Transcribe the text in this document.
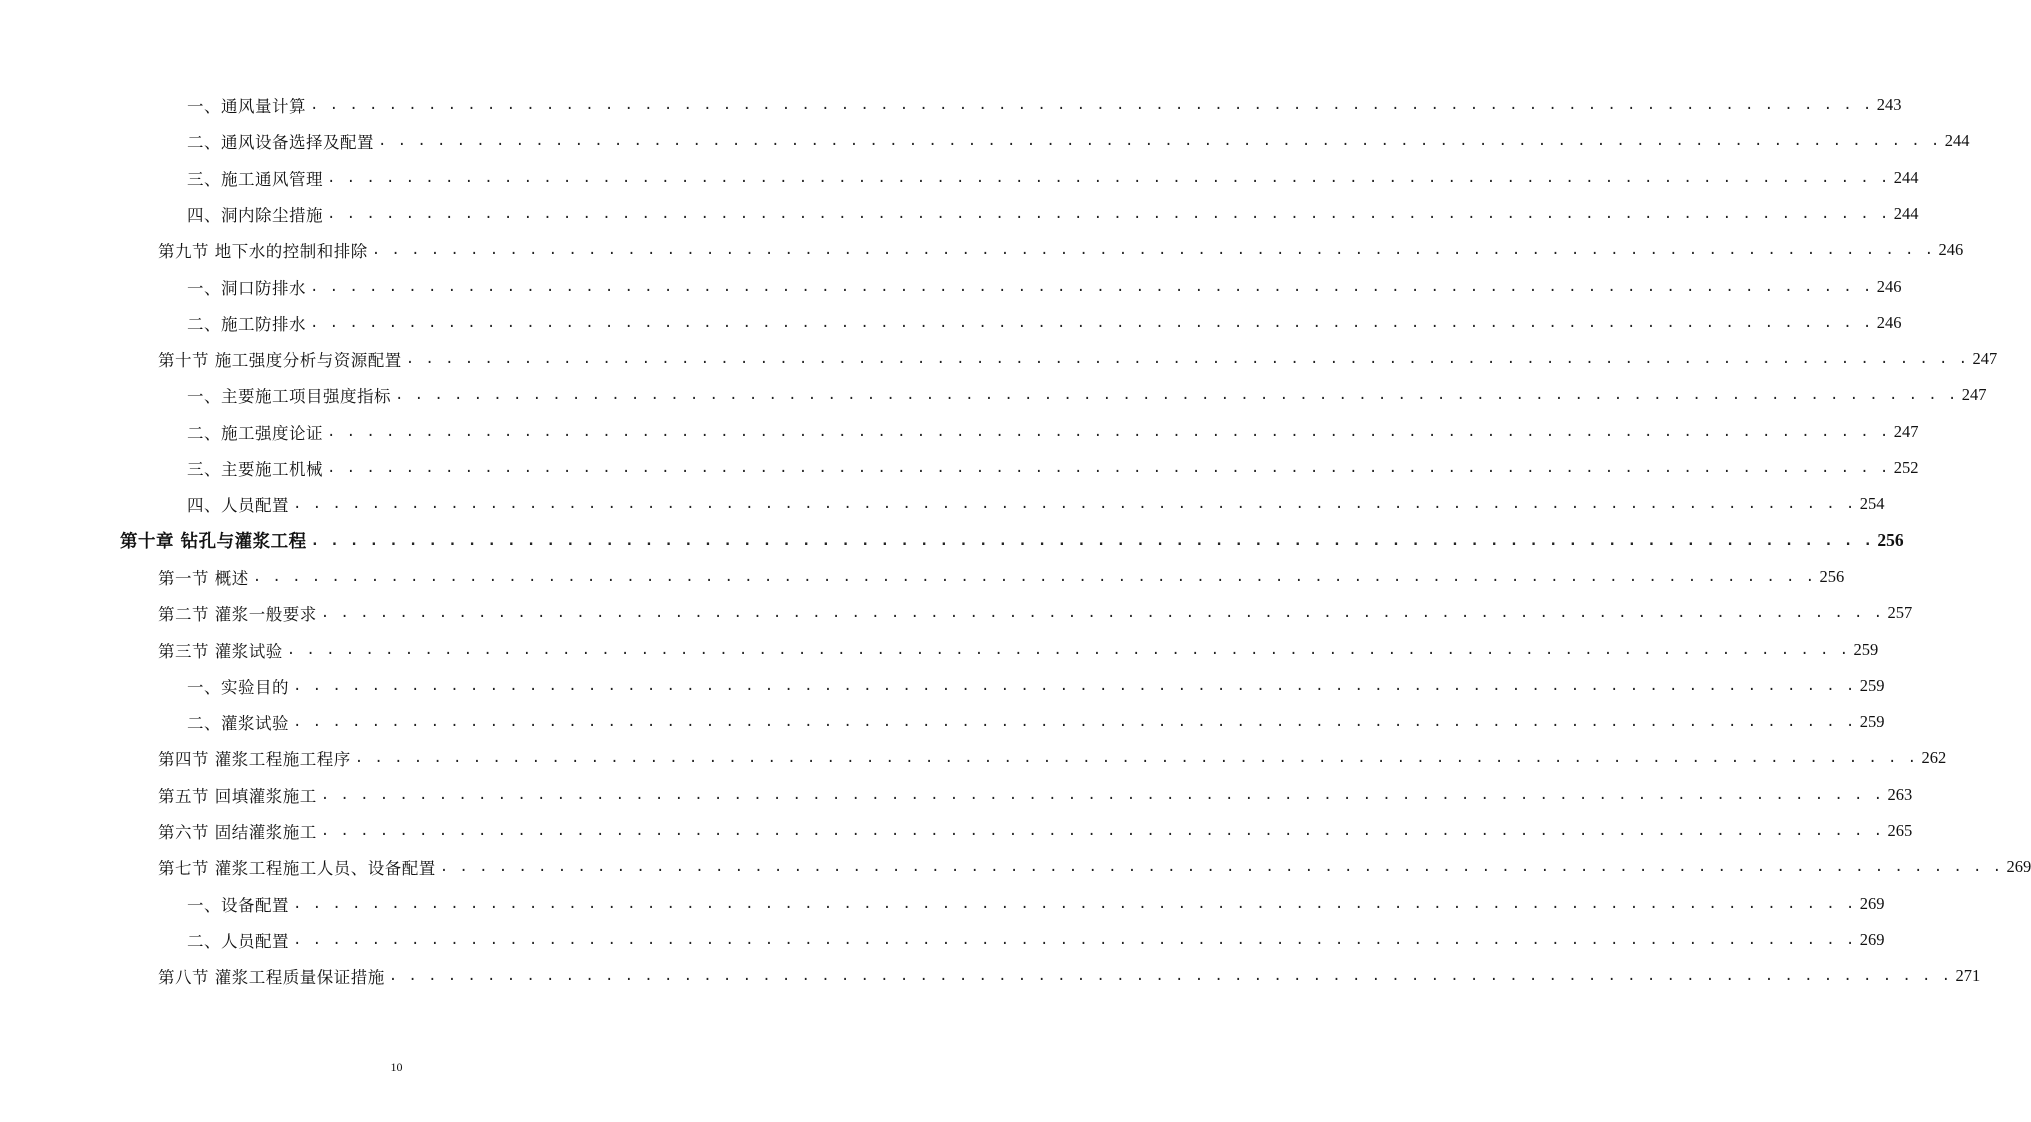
一、通风量计算 . . . . . . . . . . . . . . . . . . . . . . . . . . . . . . . . . . . . . . . . . . . . . . . . . . . . . . . . . . . . . . . . . . . . . . . . . . . . . . . . 243
二、通风设备选择及配置 . . . . . . . . . . . . . . . . . . . . . . . . . . . . . . . . . . . . . . . . . . . . . . . . . . . . . . . . . . . . . . . . . . . . . . . . . . . . . . . . 244
三、施工通风管理 . . . . . . . . . . . . . . . . . . . . . . . . . . . . . . . . . . . . . . . . . . . . . . . . . . . . . . . . . . . . . . . . . . . . . . . . . . . . . . . . 244
四、洞内除尘措施 . . . . . . . . . . . . . . . . . . . . . . . . . . . . . . . . . . . . . . . . . . . . . . . . . . . . . . . . . . . . . . . . . . . . . . . . . . . . . . . . 244
第九节 地下水的控制和排除 . . . . . . . . . . . . . . . . . . . . . . . . . . . . . . . . . . . . . . . . . . . . . . . . . . . . . . . . . . . . . . . . . . . . . . . . . . . . . . . . 246
一、洞口防排水 . . . . . . . . . . . . . . . . . . . . . . . . . . . . . . . . . . . . . . . . . . . . . . . . . . . . . . . . . . . . . . . . . . . . . . . . . . . . . . . . 246
二、施工防排水 . . . . . . . . . . . . . . . . . . . . . . . . . . . . . . . . . . . . . . . . . . . . . . . . . . . . . . . . . . . . . . . . . . . . . . . . . . . . . . . . 246
第十节 施工强度分析与资源配置 . . . . . . . . . . . . . . . . . . . . . . . . . . . . . . . . . . . . . . . . . . . . . . . . . . . . . . . . . . . . . . . . . . . . . . . . . . . . . . . . 247
一、主要施工项目强度指标 . . . . . . . . . . . . . . . . . . . . . . . . . . . . . . . . . . . . . . . . . . . . . . . . . . . . . . . . . . . . . . . . . . . . . . . . . . . . . . . . 247
二、施工强度论证 . . . . . . . . . . . . . . . . . . . . . . . . . . . . . . . . . . . . . . . . . . . . . . . . . . . . . . . . . . . . . . . . . . . . . . . . . . . . . . . . 247
三、主要施工机械 . . . . . . . . . . . . . . . . . . . . . . . . . . . . . . . . . . . . . . . . . . . . . . . . . . . . . . . . . . . . . . . . . . . . . . . . . . . . . . . . 252
四、人员配置 . . . . . . . . . . . . . . . . . . . . . . . . . . . . . . . . . . . . . . . . . . . . . . . . . . . . . . . . . . . . . . . . . . . . . . . . . . . . . . . . 254
第十章 钻孔与灌浆工程 . . . . . . . . . . . . . . . . . . . . . . . . . . . . . . . . . . . . . . . . . . . . . . . . . . . . . . . . . . . . . . . . . . . . . . . . . . . . . . . . 256
第一节 概述 . . . . . . . . . . . . . . . . . . . . . . . . . . . . . . . . . . . . . . . . . . . . . . . . . . . . . . . . . . . . . . . . . . . . . . . . . . . . . . . . 256
第二节 灌浆一般要求 . . . . . . . . . . . . . . . . . . . . . . . . . . . . . . . . . . . . . . . . . . . . . . . . . . . . . . . . . . . . . . . . . . . . . . . . . . . . . . . . 257
第三节 灌浆试验 . . . . . . . . . . . . . . . . . . . . . . . . . . . . . . . . . . . . . . . . . . . . . . . . . . . . . . . . . . . . . . . . . . . . . . . . . . . . . . . . 259
一、实验目的 . . . . . . . . . . . . . . . . . . . . . . . . . . . . . . . . . . . . . . . . . . . . . . . . . . . . . . . . . . . . . . . . . . . . . . . . . . . . . . . . 259
二、灌浆试验 . . . . . . . . . . . . . . . . . . . . . . . . . . . . . . . . . . . . . . . . . . . . . . . . . . . . . . . . . . . . . . . . . . . . . . . . . . . . . . . . 259
第四节 灌浆工程施工程序 . . . . . . . . . . . . . . . . . . . . . . . . . . . . . . . . . . . . . . . . . . . . . . . . . . . . . . . . . . . . . . . . . . . . . . . . . . . . . . . . 262
第五节 回填灌浆施工 . . . . . . . . . . . . . . . . . . . . . . . . . . . . . . . . . . . . . . . . . . . . . . . . . . . . . . . . . . . . . . . . . . . . . . . . . . . . . . . . 263
第六节 固结灌浆施工 . . . . . . . . . . . . . . . . . . . . . . . . . . . . . . . . . . . . . . . . . . . . . . . . . . . . . . . . . . . . . . . . . . . . . . . . . . . . . . . . 265
第七节 灌浆工程施工人员、设备配置 . . . . . . . . . . . . . . . . . . . . . . . . . . . . . . . . . . . . . . . . . . . . . . . . . . . . . . . . . . . . . . . . . . . . . . . . . . . . . . . . 269
一、设备配置 . . . . . . . . . . . . . . . . . . . . . . . . . . . . . . . . . . . . . . . . . . . . . . . . . . . . . . . . . . . . . . . . . . . . . . . . . . . . . . . . 269
二、人员配置 . . . . . . . . . . . . . . . . . . . . . . . . . . . . . . . . . . . . . . . . . . . . . . . . . . . . . . . . . . . . . . . . . . . . . . . . . . . . . . . . 269
第八节 灌浆工程质量保证措施 . . . . . . . . . . . . . . . . . . . . . . . . . . . . . . . . . . . . . . . . . . . . . . . . . . . . . . . . . . . . . . . . . . . . . . . . . . . . . . . . 271
10
